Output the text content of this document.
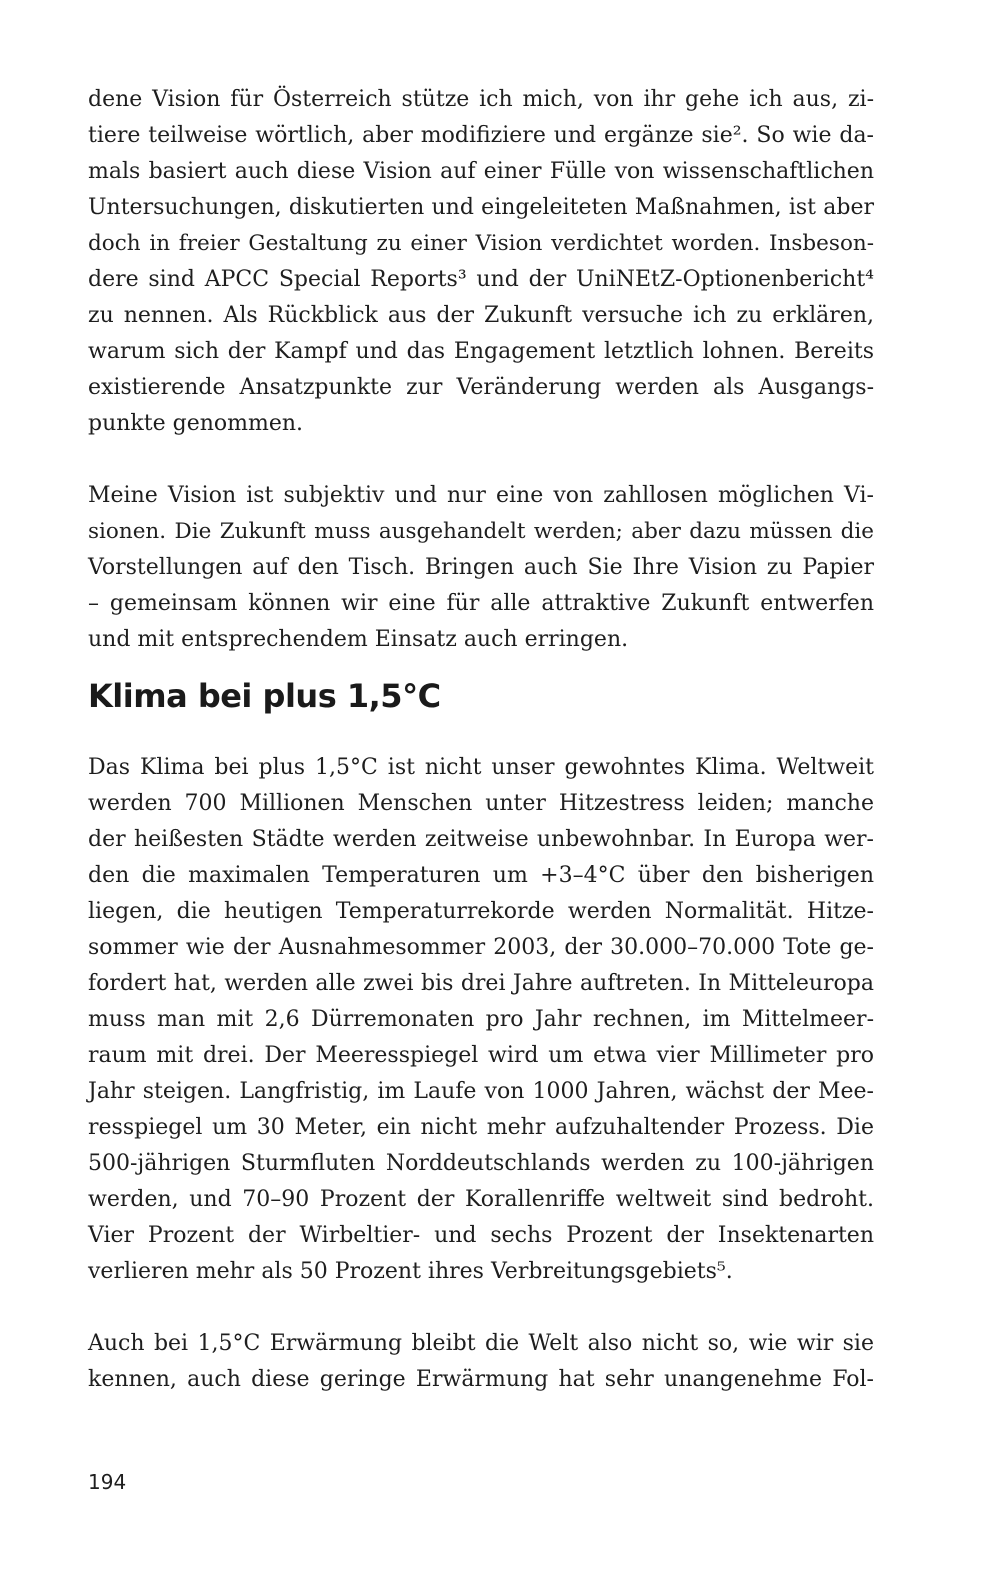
dene Vision für Österreich stütze ich mich, von ihr gehe ich aus, zi-
tiere teilweise wörtlich, aber modifiziere und ergänze sie². So wie da-
mals basiert auch diese Vision auf einer Fülle von wissenschaftlichen
Untersuchungen, diskutierten und eingeleiteten Maßnahmen, ist aber
doch in freier Gestaltung zu einer Vision verdichtet worden. Insbeson-
dere sind APCC Special Reports³ und der UniNEtZ-Optionenbericht⁴
zu nennen. Als Rückblick aus der Zukunft versuche ich zu erklären,
warum sich der Kampf und das Engagement letztlich lohnen. Bereits
existierende Ansatzpunkte zur Veränderung werden als Ausgangs-
punkte genommen.
Meine Vision ist subjektiv und nur eine von zahllosen möglichen Vi-
sionen. Die Zukunft muss ausgehandelt werden; aber dazu müssen die
Vorstellungen auf den Tisch. Bringen auch Sie Ihre Vision zu Papier
– gemeinsam können wir eine für alle attraktive Zukunft entwerfen
und mit entsprechendem Einsatz auch erringen.
Klima bei plus 1,5°C
Das Klima bei plus 1,5°C ist nicht unser gewohntes Klima. Weltweit
werden 700 Millionen Menschen unter Hitzestress leiden; manche
der heißesten Städte werden zeitweise unbewohnbar. In Europa wer-
den die maximalen Temperaturen um +3–4°C über den bisherigen
liegen, die heutigen Temperaturrekorde werden Normalität. Hitze-
sommer wie der Ausnahmesommer 2003, der 30.000–70.000 Tote ge-
fordert hat, werden alle zwei bis drei Jahre auftreten. In Mitteleuropa
muss man mit 2,6 Dürremonaten pro Jahr rechnen, im Mittelmeer-
raum mit drei. Der Meeresspiegel wird um etwa vier Millimeter pro
Jahr steigen. Langfristig, im Laufe von 1000 Jahren, wächst der Mee-
resspiegel um 30 Meter, ein nicht mehr aufzuhaltender Prozess. Die
500-jährigen Sturmfluten Norddeutschlands werden zu 100-jährigen
werden, und 70–90 Prozent der Korallenriffe weltweit sind bedroht.
Vier Prozent der Wirbeltier- und sechs Prozent der Insektenarten
verlieren mehr als 50 Prozent ihres Verbreitungsgebiets⁵.
Auch bei 1,5°C Erwärmung bleibt die Welt also nicht so, wie wir sie
kennen, auch diese geringe Erwärmung hat sehr unangenehme Fol-
194
